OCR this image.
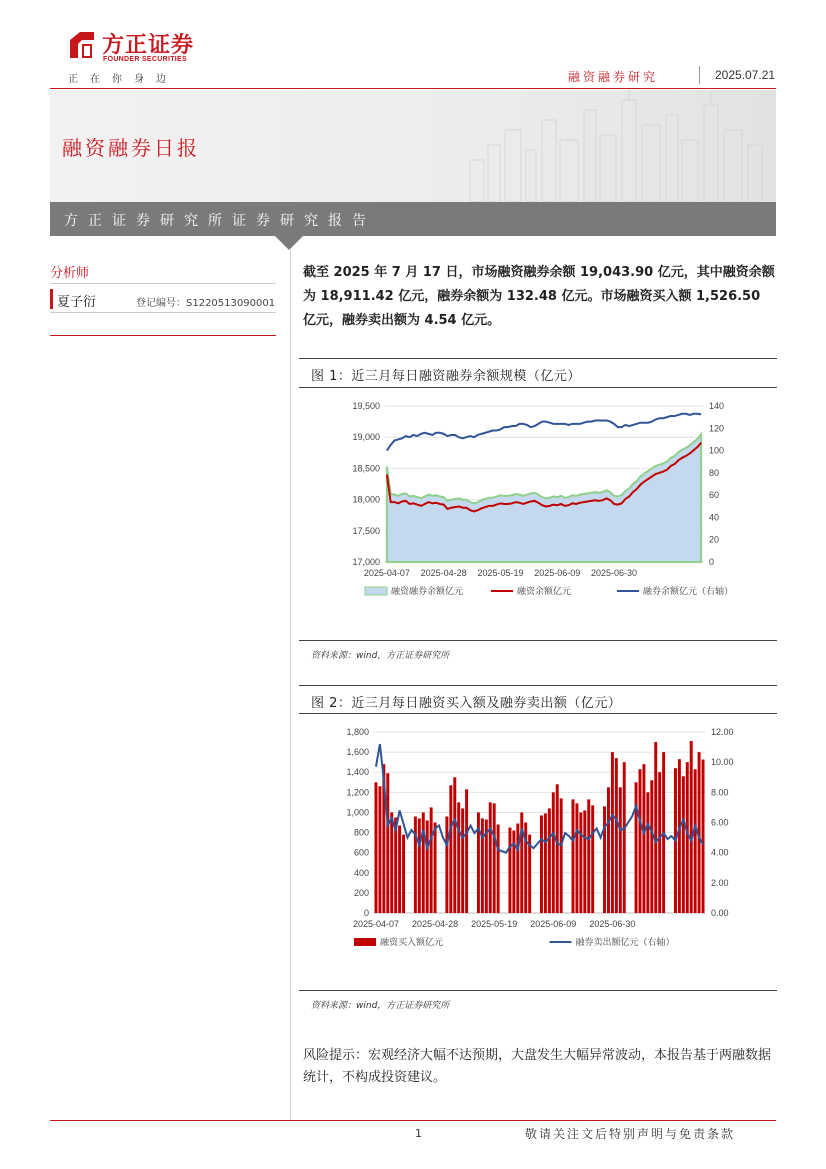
方正证券
FOUNDER SECURITIES
正在你身边	融资融券研究	2025.07.21
融资融券日报
方正证券研究所证券研究报告
分析师
夏子衍	登记编号：S1220513090001
截至 2025 年 7 月 17 日，市场融资融券余额 19,043.90 亿元，其中融资余额为 18,911.42 亿元，融券余额为 132.48 亿元。市场融资买入额 1,526.50 亿元，融券卖出额为 4.54 亿元。
图 1：近三月每日融资融券余额规模（亿元）
17,000
17,500
18,000
18,500
19,000
19,500
0
20
40
60
80
100
120
140
2025-04-07 2025-04-28 2025-05-19 2025-06-09 2025-06-30
融资融券余额亿元	融资余额亿元	融券余额亿元（右轴）
资料来源：wind，方正证券研究所
图 2：近三月每日融资买入额及融券卖出额（亿元）
0
200
400
600
800
1,000
1,200
1,400
1,600
1,800
0.00
2.00
4.00
6.00
8.00
10.00
12.00
2025-04-07 2025-04-28 2025-05-19 2025-06-09 2025-06-30
融资买入额亿元	融券卖出额亿元（右轴）
资料来源：wind，方正证券研究所
风险提示：宏观经济大幅不达预期，大盘发生大幅异常波动，本报告基于两融数据统计，不构成投资建议。
1	敬请关注文后特别声明与免责条款
